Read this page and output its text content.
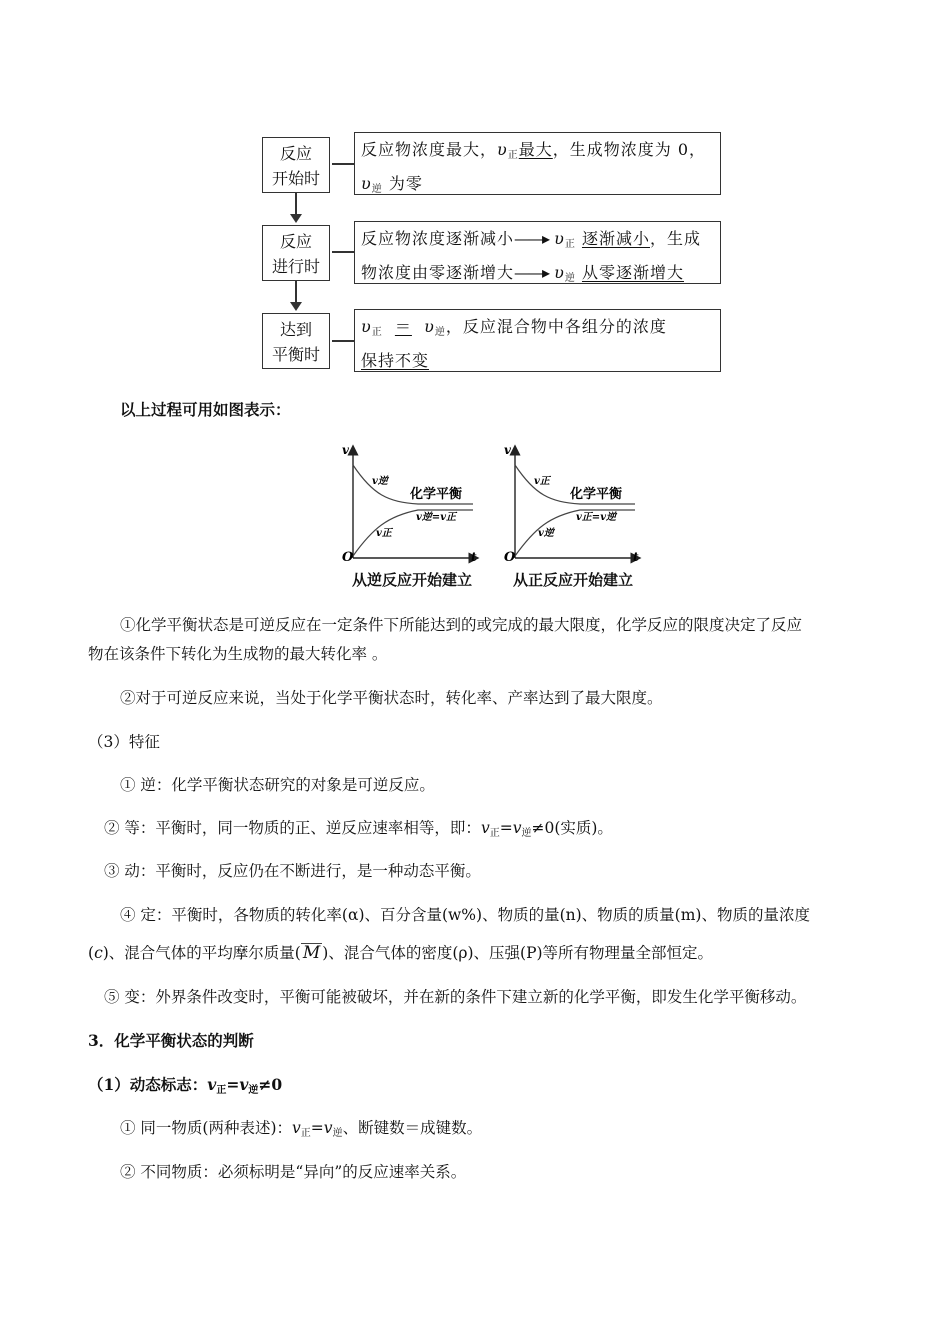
反应
开始时
反应物浓度最大，$\upsilon_正$最大，生成物浓度为 0，
$\upsilon_逆$ 为零
反应
进行时
反应物浓度逐渐减小——▸ $\upsilon_正$ 逐渐减小，生成
物浓度由零逐渐增大——▸ $\upsilon_逆$ 从零逐渐增大
达到
平衡时
$\upsilon_正 = \upsilon_逆$，反应混合物中各组分的浓度
保持不变
以上过程可用如图表示：
v
t
O
v逆
v正
化学平衡
v逆=v正
从逆反应开始建立
v
t
O
v正
v逆
化学平衡
v正=v逆
从正反应开始建立
①化学平衡状态是可逆反应在一定条件下所能达到的或完成的最大限度，化学反应的限度决定了反应
物在该条件下转化为生成物的最大转化率 。
②对于可逆反应来说，当处于化学平衡状态时，转化率、产率达到了最大限度。
（3）特征
① 逆：化学平衡状态研究的对象是可逆反应。
② 等：平衡时，同一物质的正、逆反应速率相等，即：$v_正=v_逆\ne 0$(实质)。
③ 动：平衡时，反应仍在不断进行，是一种动态平衡。
④ 定：平衡时，各物质的转化率(α)、百分含量(w%)、物质的量(n)、物质的质量(m)、物质的量浓度
(c)、混合气体的平均摩尔质量( M )、混合气体的密度(ρ)、压强(P)等所有物理量全部恒定。
⑤ 变：外界条件改变时，平衡可能被破坏，并在新的条件下建立新的化学平衡，即发生化学平衡移动。
3．化学平衡状态的判断
（1）动态标志：$v_正=v_逆\ne 0$
① 同一物质(两种表述)：$v_正=v_逆$、断键数＝成键数。
② 不同物质：必须标明是“异向”的反应速率关系。
